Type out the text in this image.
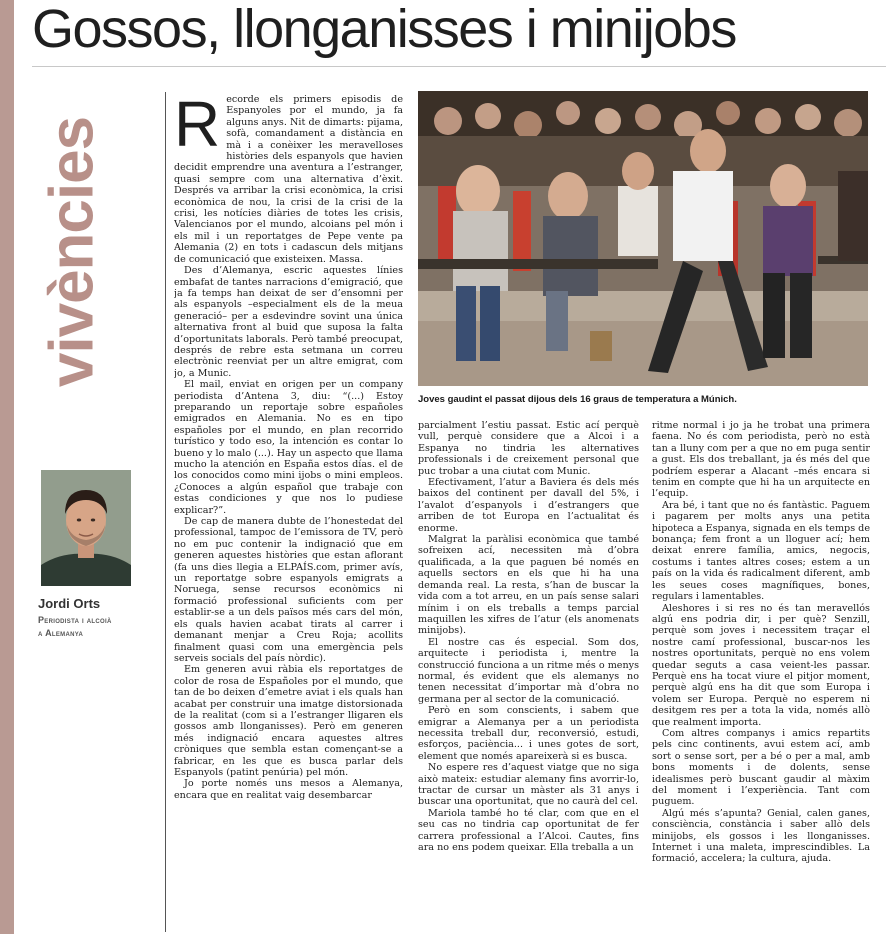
Gossos, llonganisses i minijobs
vivències
Jordi Orts
Periodista i alcoià
a Alemanya
R ecorde els primers episodis de Espanyoles por el mundo, ja fa alguns anys. Nit de dimarts: pijama, sofà, comandament a distància en mà i a conèixer les meravelloses històries dels espanyols que havien decidit emprendre una aventura a l’estranger, quasi sempre com una alternativa d’èxit. Després va arribar la crisi econòmica, la crisi econòmica de nou, la crisi de la crisi de la crisi, les notícies diàries de totes les crisis, Valencianos por el mundo, alcoians pel món i els mil i un reportatges de Pepe vente pa Alemania (2) en tots i cadascun dels mitjans de comunicació que existeixen. Massa.

Des d’Alemanya, escric aquestes línies embafat de tantes narracions d’emigració, que ja fa temps han deixat de ser d’ensomni per als espanyols –especialment els de la meua generació– per a esdevindre sovint una única alternativa front al buid que suposa la falta d’oportunitats laborals. Però també preocupat, després de rebre esta setmana un correu electrònic reenviat per un altre emigrat, com jo, a Munic.

El mail, enviat en origen per un company periodista d’Antena 3, diu: “(...) Estoy preparando un reportaje sobre españoles emigrados en Alemania. No es en tipo españoles por el mundo, en plan recorrido turístico y todo eso, la intención es contar lo bueno y lo malo (...). Hay un aspecto que llama mucho la atención en España estos días. el de los conocidos como mini ijobs o mini empleos. ¿Conoces a algún español que trabaje con estas condiciones y que nos lo pudiese explicar?”.

De cap de manera dubte de l’honestedat del professional, tampoc de l’emissora de TV, però no em puc contenir la indignació que em generen aquestes històries que estan aflorant (fa uns dies llegia a ELPAÍS.com, primer avís, un reportatge sobre espanyols emigrats a Noruega, sense recursos econòmics ni formació professional suficients com per establir-se a un dels països més cars del món, els quals havien acabat tirats al carrer i demanant menjar a Creu Roja; acollits finalment quasi com una emergència pels serveis socials del país nòrdic).

Em generen avui ràbia els reportatges de color de rosa de Españoles por el mundo, que tan de bo deixen d’emetre aviat i els quals han acabat per construir una imatge distorsionada de la realitat (com si a l’estranger lligaren els gossos amb llonganisses). Però em generen més indignació encara aquestes altres cròniques que sembla estan començant-se a fabricar, en les que es busca parlar dels Espanyols (patint penúria) pel món.

Jo porte només uns mesos a Alemanya, encara que en realitat vaig desembarcar

Joves gaudint el passat dijous dels 16 graus de temperatura a Múnich.

parcialment l’estiu passat. Estic ací perquè vull, perquè considere que a Alcoi i a Espanya no tindria les alternatives professionals i de creixement personal que puc trobar a una ciutat com Munic.

Efectivament, l’atur a Baviera és dels més baixos del continent per davall del 5%, i l’avalot d’espanyols i d’estrangers que arriben de tot Europa en l’actualitat és enorme.

Malgrat la paràlisi econòmica que també sofreixen ací, necessiten mà d’obra qualificada, a la que paguen bé només en aquells sectors en els que hi ha una demanda real. La resta, s’han de buscar la vida com a tot arreu, en un país sense salari mínim i on els treballs a temps parcial maquillen les xifres de l’atur (els anomenats minijobs).

El nostre cas és especial. Som dos, arquitecte i periodista i, mentre la construcció funciona a un ritme més o menys normal, és evident que els alemanys no tenen necessitat d’importar mà d’obra no germana per al sector de la comunicació.

Però en som conscients, i sabem que emigrar a Alemanya per a un periodista necessita treball dur, reconversió, estudi, esforços, paciència... i unes gotes de sort, element que només apareixerà si es busca.

No espere res d’aquest viatge que no siga això mateix: estudiar alemany fins avorrir-lo, tractar de cursar un màster als 31 anys i buscar una oportunitat, que no caurà del cel.

Mariola també ho té clar, com que en el seu cas no tindria cap oportunitat de fer carrera professional a l’Alcoi. Cautes, fins ara no ens podem queixar. Ella treballa a un

ritme normal i jo ja he trobat una primera faena. No és com periodista, però no està tan a lluny com per a que no em puga sentir a gust. Els dos treballant, ja és més del que podríem esperar a Alacant –més encara si tenim en compte que hi ha un arquitecte en l’equip.

Ara bé, i tant que no és fantàstic. Paguem i pagarem per molts anys una petita hipoteca a Espanya, signada en els temps de bonança; fem front a un lloguer ací; hem deixat enrere família, amics, negocis, costums i tantes altres coses; estem a un país on la vida és radicalment diferent, amb les seues coses magnífiques, bones, regulars i lamentables.

Aleshores i si res no és tan meravellós algú ens podria dir, i per què? Senzill, perquè som joves i necessitem traçar el nostre camí professional, buscar-nos les nostres oportunitats, perquè no ens volem quedar seguts a casa veient-les passar. Perquè ens ha tocat viure el pitjor moment, perquè algú ens ha dit que som Europa i volem ser Europa. Perquè no esperem ni desitgem res per a tota la vida, només allò que realment importa.

Com altres companys i amics repartits pels cinc continents, avui estem ací, amb sort o sense sort, per a bé o per a mal, amb bons moments i de dolents, sense idealismes però buscant gaudir al màxim del moment i l’experiència. Tant com puguem.

Algú més s’apunta? Genial, calen ganes, consciència, constància i saber allò dels minijobs, els gossos i les llonganisses. Internet i una maleta, imprescindibles. La formació, accelera; la cultura, ajuda.
